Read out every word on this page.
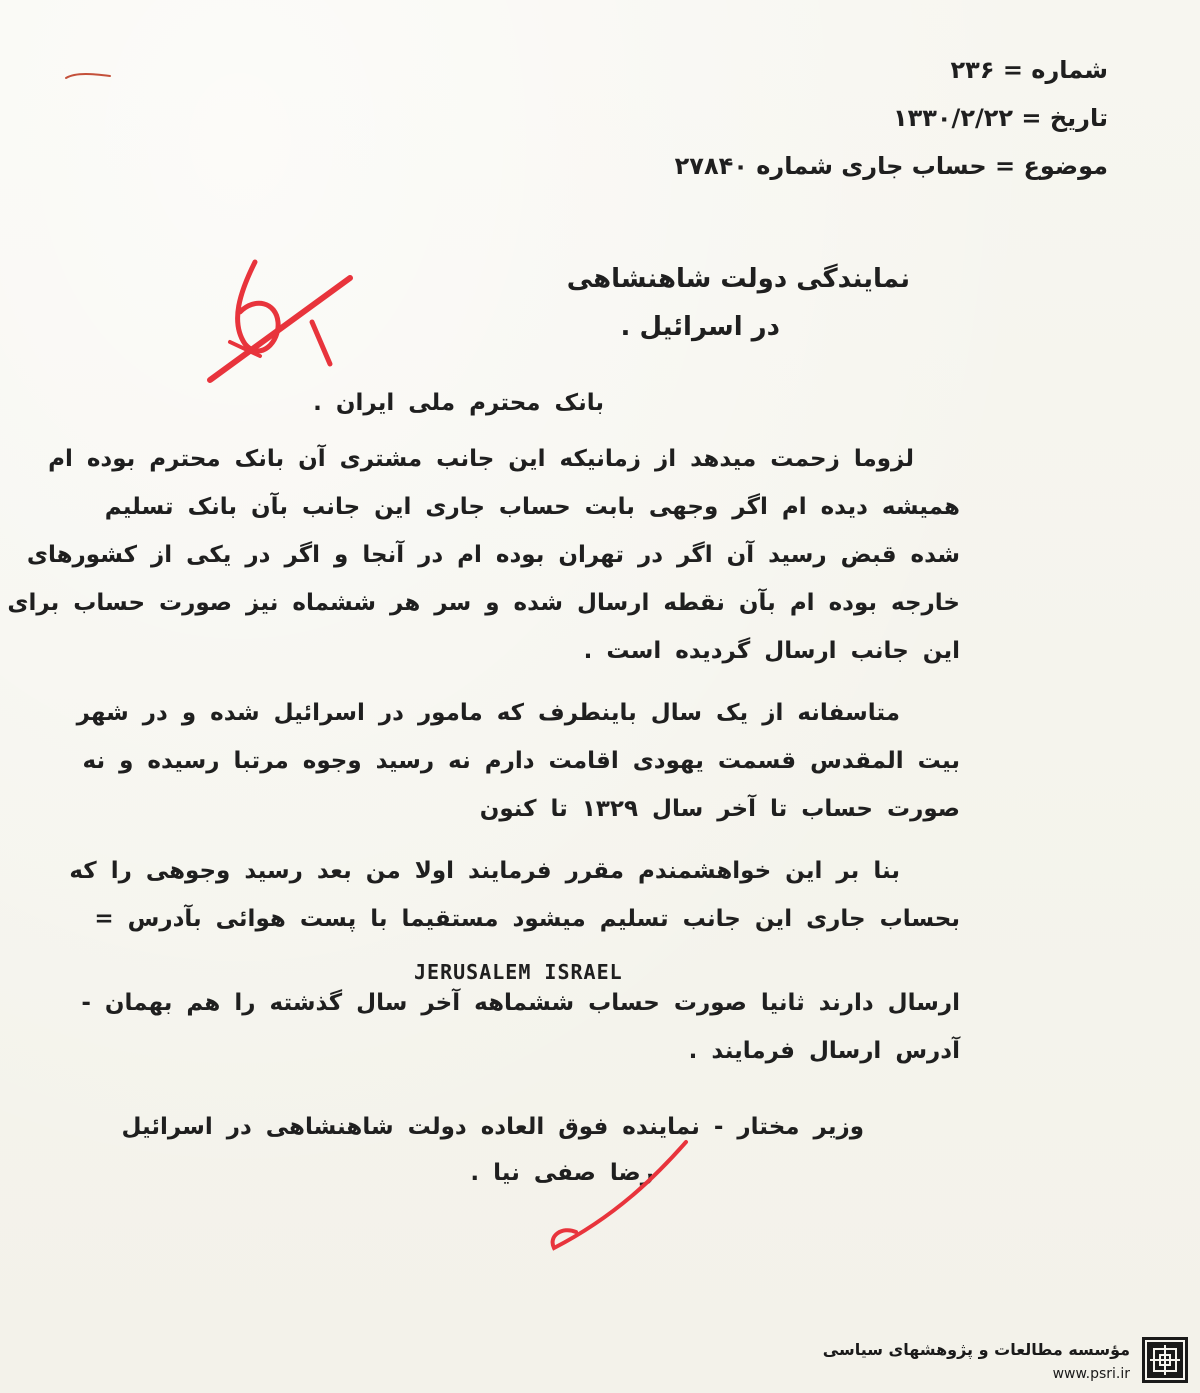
شماره = ۲۳۶
تاریخ = ۱۳۳۰/۲/۲۲
موضوع = حساب جاری شماره ۲۷۸۴۰
نمایندگی دولت شاهنشاهی
در اسرائیل .
بانک محترم ملی ایران .
لزوما زحمت میدهد از زمانیکه این جانب مشتری آن بانک محترم بوده ام
همیشه دیده ام اگر وجهی بابت حساب جاری این جانب بآن بانک تسلیم
شده قبض رسید آن اگر در تهران بوده ام در آنجا و اگر در یکی از کشورهای
خارجه بوده ام بآن نقطه ارسال شده و سر هر ششماه نیز صورت حساب برای
این جانب ارسال گردیده است .
متاسفانه از یک سال باینطرف که مامور در اسرائیل شده و در شهر
بیت المقدس قسمت یهودی اقامت دارم نه رسید وجوه مرتبا رسیده و نه
صورت حساب تا آخر سال ۱۳۲۹ تا کنون
بنا بر این خواهشمندم مقرر فرمایند اولا من بعد رسید وجوهی را که
بحساب جاری این جانب تسلیم میشود مستقیما با پست هوائی بآدرس =
JERUSALEM ISRAEL
ارسال دارند ثانیا صورت حساب ششماهه آخر سال گذشته را هم بهمان -
آدرس ارسال فرمایند .
وزیر مختار - نماینده فوق العاده دولت شاهنشاهی در اسرائیل
رضا صفی نیا .
مؤسسه مطالعات و پژوهشهای سیاسی
www.psri.ir
